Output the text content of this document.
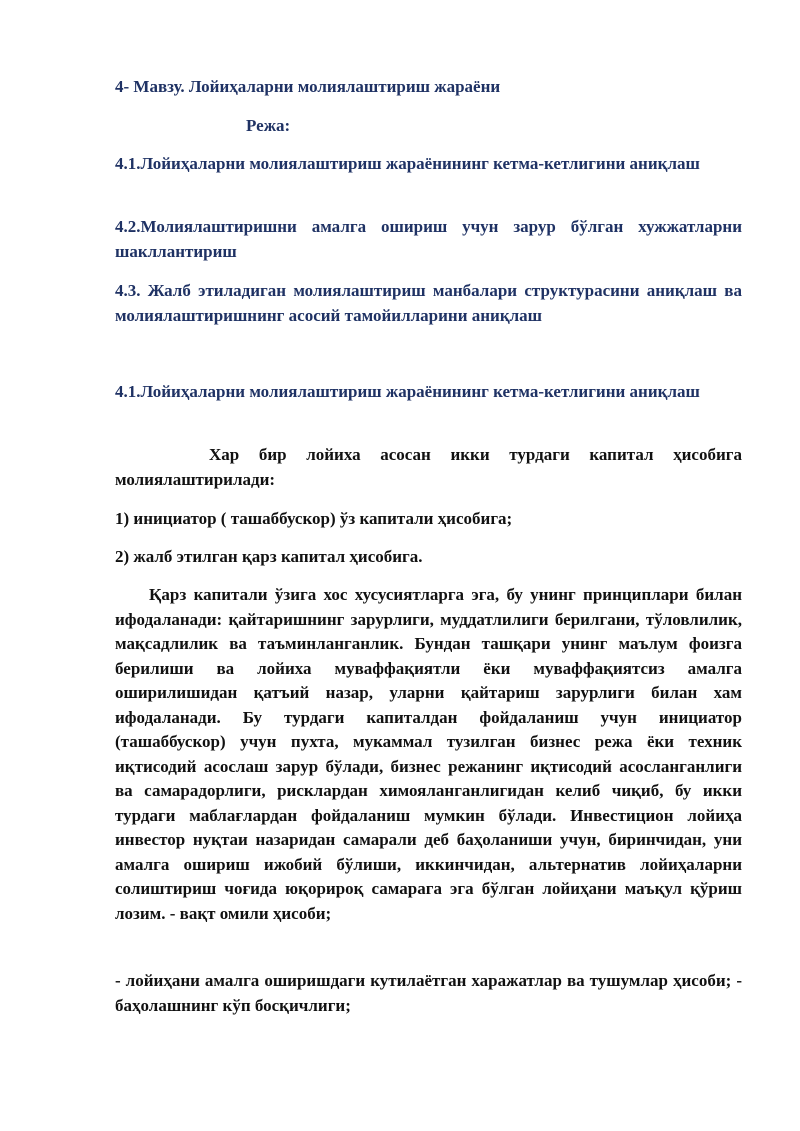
4- Мавзу. Лойиҳаларни молиялаштириш жараёни

Режа:

4.1.Лойиҳаларни молиялаштириш жараёнининг кетма-кетлигини аниқлаш

4.2.Молиялаштиришни амалга ошириш учун зарур бўлган хужжатларни шакллантириш

4.3. Жалб этиладиган молиялаштириш манбалари структурасини аниқлаш ва молиялаштиришнинг асосий тамойилларини аниқлаш

4.1.Лойиҳаларни молиялаштириш жараёнининг кетма-кетлигини аниқлаш

Хар бир лойиха асосан икки турдаги капитал ҳисобига молиялаштирилади:

1) инициатор ( ташаббускор) ўз капитали ҳисобига;

2) жалб этилган қарз капитал ҳисобига.

Қарз капитали ўзига хос хусусиятларга эга, бу унинг принциплари билан ифодаланади: қайтаришнинг зарурлиги, муддатлилиги берилгани, тўловлилик, мақсадлилик ва таъминланганлик. Бундан ташқари унинг маълум фоизга берилиши ва лойиха муваффақиятли ёки муваффақиятсиз амалга оширилишидан қатъий назар, уларни қайтариш зарурлиги билан хам ифодаланади. Бу турдаги капиталдан фойдаланиш учун инициатор (ташаббускор) учун пухта, мукаммал тузилган бизнес режа ёки техник иқтисодий асослаш зарур бўлади, бизнес режанинг иқтисодий асосланганлиги ва самарадорлиги, рисклардан химояланганлигидан келиб чиқиб, бу икки турдаги маблағлардан фойдаланиш мумкин бўлади. Инвестицион лойиҳа инвестор нуқтаи назаридан самарали деб баҳоланиши учун, биринчидан, уни амалга ошириш ижобий бўлиши, иккинчидан, альтернатив лойиҳаларни солиштириш чоғида юқорироқ самарага эга бўлган лойиҳани маъқул қўриш лозим. - вақт омили ҳисоби;

- лойиҳани амалга оширишдаги кутилаётган харажатлар ва тушумлар ҳисоби; - баҳолашнинг кўп босқичлиги;
